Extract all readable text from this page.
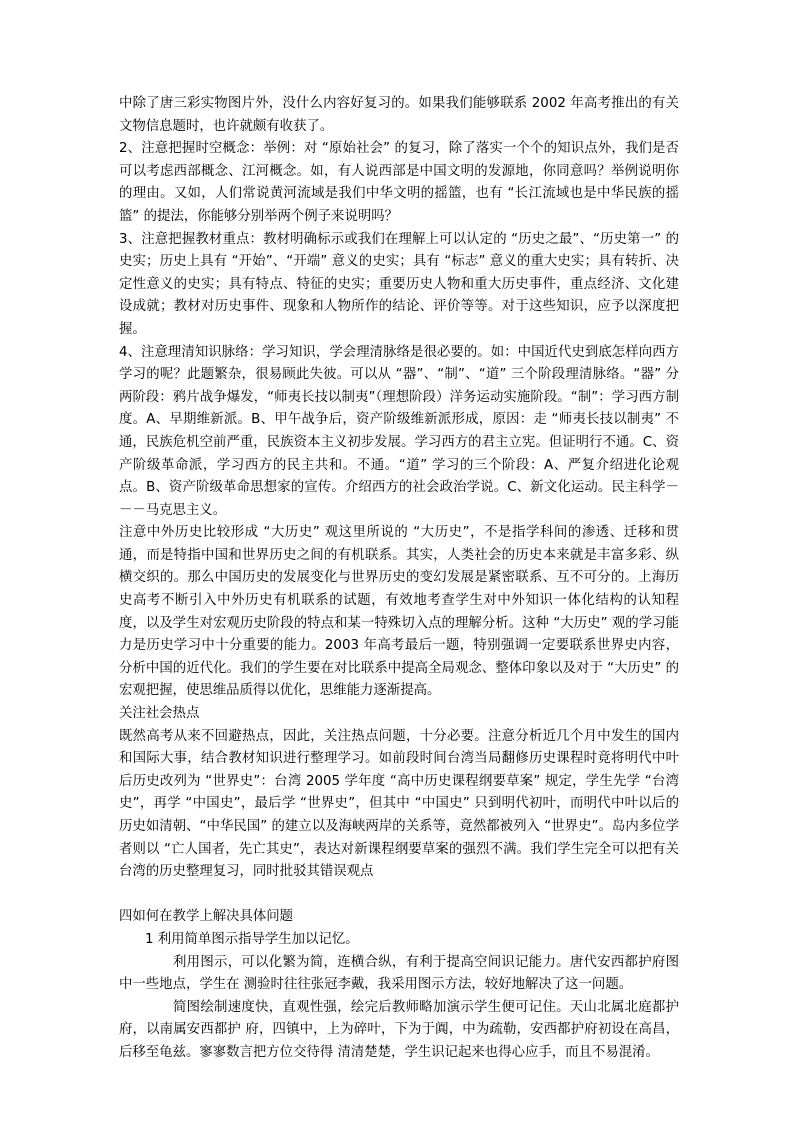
中除了唐三彩实物图片外，没什么内容好复习的。如果我们能够联系 2002 年高考推出的有关文物信息题时，也许就颇有收获了。

2、注意把握时空概念：举例：对 “原始社会” 的复习，除了落实一个个的知识点外，我们是否可以考虑西部概念、江河概念。如，有人说西部是中国文明的发源地，你同意吗？举例说明你的理由。又如，人们常说黄河流域是我们中华文明的摇篮，也有 “长江流域也是中华民族的摇篮” 的提法，你能够分别举两个例子来说明吗？

3、注意把握教材重点：教材明确标示或我们在理解上可以认定的 “历史之最”、“历史第一” 的史实；历史上具有 “开始”、“开端” 意义的史实；具有 “标志” 意义的重大史实；具有转折、决定性意义的史实；具有特点、特征的史实；重要历史人物和重大历史事件，重点经济、文化建设成就；教材对历史事件、现象和人物所作的结论、评价等等。对于这些知识，应予以深度把握。

4、注意理清知识脉络：学习知识，学会理清脉络是很必要的。如：中国近代史到底怎样向西方学习的呢？此题繁杂，很易顾此失彼。可以从 “器”、“制”、“道” 三个阶段理清脉络。“器” 分两阶段：鸦片战争爆发，“师夷长技以制夷”（理想阶段）洋务运动实施阶段。“制”：学习西方制度。A、早期维新派。B、甲午战争后，资产阶级维新派形成，原因：走 “师夷长技以制夷” 不通，民族危机空前严重，民族资本主义初步发展。学习西方的君主立宪。但证明行不通。C、资产阶级革命派，学习西方的民主共和。不通。“道” 学习的三个阶段：A、严复介绍进化论观点。B、资产阶级革命思想家的宣传。介绍西方的社会政治学说。C、新文化运动。民主科学－－－马克思主义。

注意中外历史比较形成 “大历史” 观这里所说的 “大历史”，不是指学科间的渗透、迁移和贯通，而是特指中国和世界历史之间的有机联系。其实，人类社会的历史本来就是丰富多彩、纵横交织的。那么中国历史的发展变化与世界历史的变幻发展是紧密联系、互不可分的。上海历史高考不断引入中外历史有机联系的试题，有效地考查学生对中外知识一体化结构的认知程度，以及学生对宏观历史阶段的特点和某一特殊切入点的理解分析。这种 “大历史” 观的学习能力是历史学习中十分重要的能力。2003 年高考最后一题，特别强调一定要联系世界史内容，分析中国的近代化。我们的学生要在对比联系中提高全局观念、整体印象以及对于 “大历史” 的宏观把握，使思维品质得以优化，思维能力逐渐提高。

关注社会热点

既然高考从来不回避热点，因此，关注热点问题，十分必要。注意分析近几个月中发生的国内和国际大事，结合教材知识进行整理学习。如前段时间台湾当局翻修历史课程时竟将明代中叶后历史改列为 “世界史”：台湾 2005 学年度 “高中历史课程纲要草案” 规定，学生先学 “台湾史”，再学 “中国史”，最后学 “世界史”，但其中 “中国史” 只到明代初叶，而明代中叶以后的历史如清朝、“中华民国” 的建立以及海峡两岸的关系等，竟然都被列入 “世界史”。岛内多位学者则以 “亡人国者，先亡其史”，表达对新课程纲要草案的强烈不满。我们学生完全可以把有关台湾的历史整理复习，同时批驳其错误观点

四如何在教学上解决具体问题

1 利用简单图示指导学生加以记忆。

利用图示，可以化繁为简，连横合纵，有利于提高空间识记能力。唐代安西都护府图中一些地点，学生在 测验时往往张冠李戴，我采用图示方法，较好地解决了这一问题。

简图绘制速度快，直观性强，绘完后教师略加演示学生便可记住。天山北属北庭都护府，以南属安西都护 府，四镇中，上为碎叶，下为于阗，中为疏勒，安西都护府初设在高昌，后移至龟兹。寥寥数言把方位交待得 清清楚楚，学生识记起来也得心应手，而且不易混淆。
